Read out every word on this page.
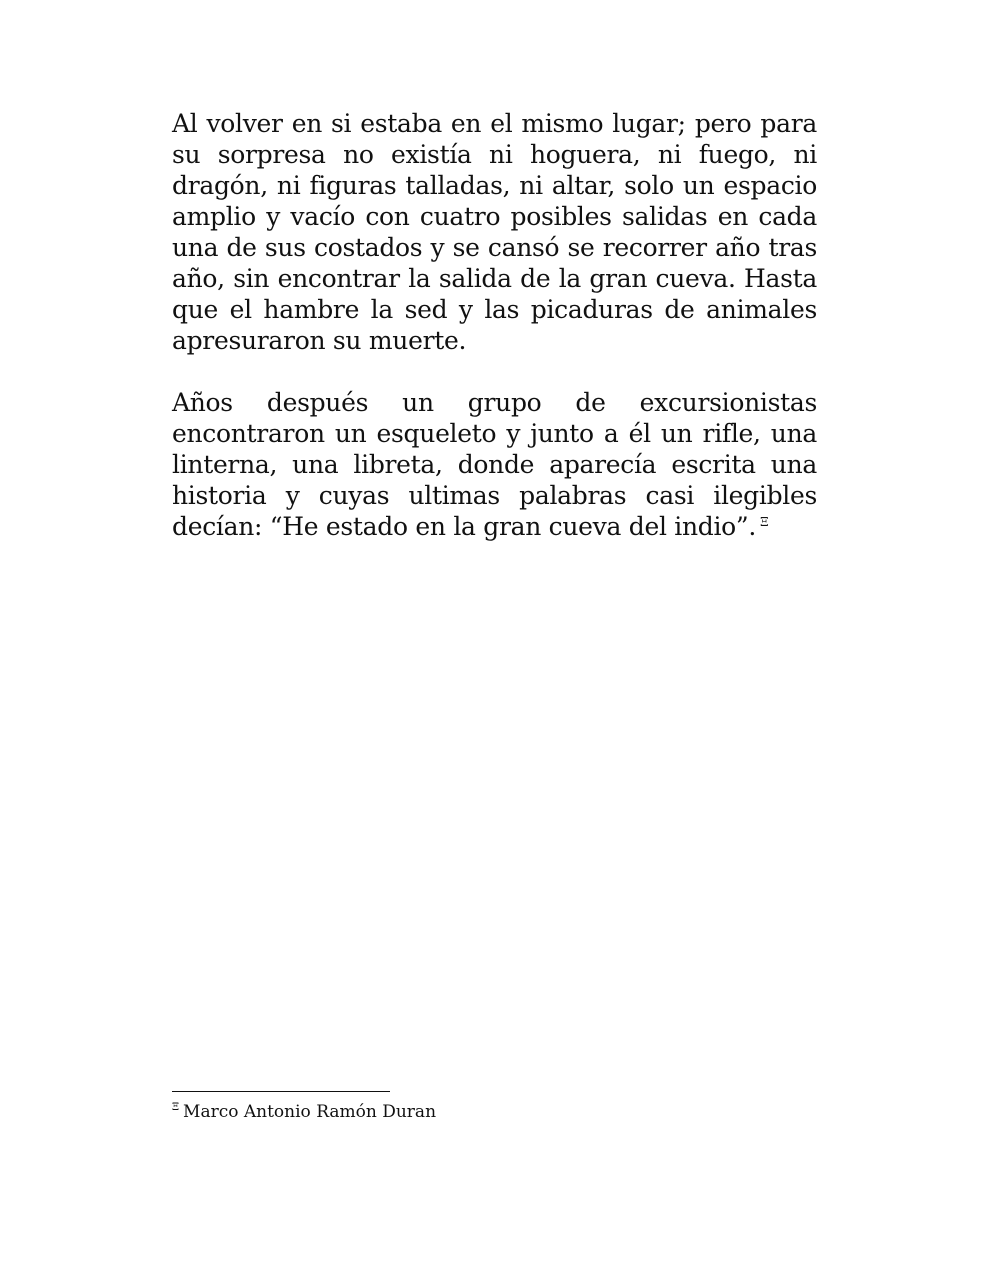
Al volver en si estaba en el mismo lugar; pero para su sorpresa no existía ni hoguera, ni fuego, ni dragón, ni figuras talladas, ni altar, solo un espacio amplio y vacío con cuatro posibles salidas en cada una de sus costados y se cansó se recorrer año tras año, sin encontrar la salida de la gran cueva. Hasta que el hambre la sed y las picaduras de animales apresuraron su muerte.

Años después un grupo de excursionistas encontraron un esqueleto y junto a él un rifle, una linterna, una libreta, donde aparecía escrita una historia y cuyas ultimas palabras casi ilegibles decían: “He estado en la gran cueva del indio”. $^\Xi$

$^\Xi$ Marco Antonio Ramón Duran
